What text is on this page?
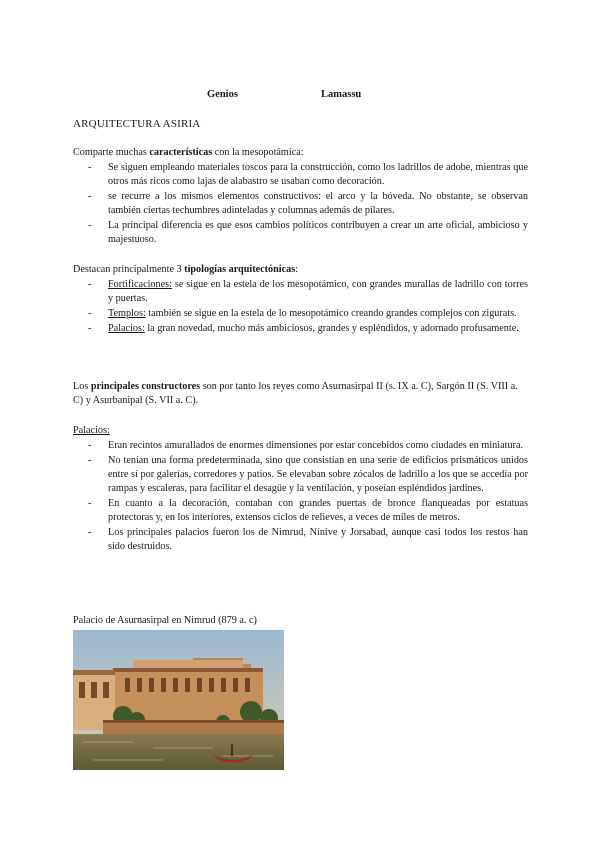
Genios	Lamassu
ARQUITECTURA ASIRIA
Comparte muchas características con la mesopotámica:
- Se siguen empleando materiales toscos para la construcción, como los ladrillos de adobe, mientras que otros más ricos como lajas de alabastro se usaban como decoración.
- se recurre a los mismos elementos constructivos: el arco y la bóveda. No obstante, se observan también ciertas techumbres adinteladas y columnas además de pilares.
- La principal diferencia es que esos cambios políticos contribuyen a crear un arte oficial, ambicioso y majestuoso.
Destacan principalmente 3 tipologías arquitectónicas:
- Fortificaciones: se sigue en la estela de los mesopotámico, con grandes murallas de ladrillo con torres y puertas.
- Templos: también se sigue en la estela de lo mesopotámico creando grandes complejos con zigurats.
- Palacios: la gran novedad, mucho más ambiciosos, grandes y espléndidos, y adornado profusamente.
Los principales constructores son por tanto los reyes como Asurnasirpal II (s. IX a. C), Sargón II (S. VIII a. C) y Asurbanipal (S. VII a. C).
Palacios:
- Eran recintos amurallados de enormes dimensiones por estar concebidos como ciudades en miniatura.
- No tenían una forma predeterminada, sino que consistían en una serie de edificios prismáticos unidos entre sí por galerías, corredores y patios. Se elevaban sobre zócalos de ladrillo a los que se accedía por rampas y escaleras, para facilitar el desagüe y la ventilación, y poseían espléndidos jardines.
- En cuanto a la decoración, contaban con grandes puertas de bronce flanqueadas por estatuas protectoras y, en los interiores, extensos ciclos de relieves, a veces de miles de metros.
- Los principales palacios fueron los de Nimrud, Nínive y Jorsabad, aunque casi todos los restos han sido destruidos.
Palacio de Asurnasirpal en Nimrud (879 a. c)
